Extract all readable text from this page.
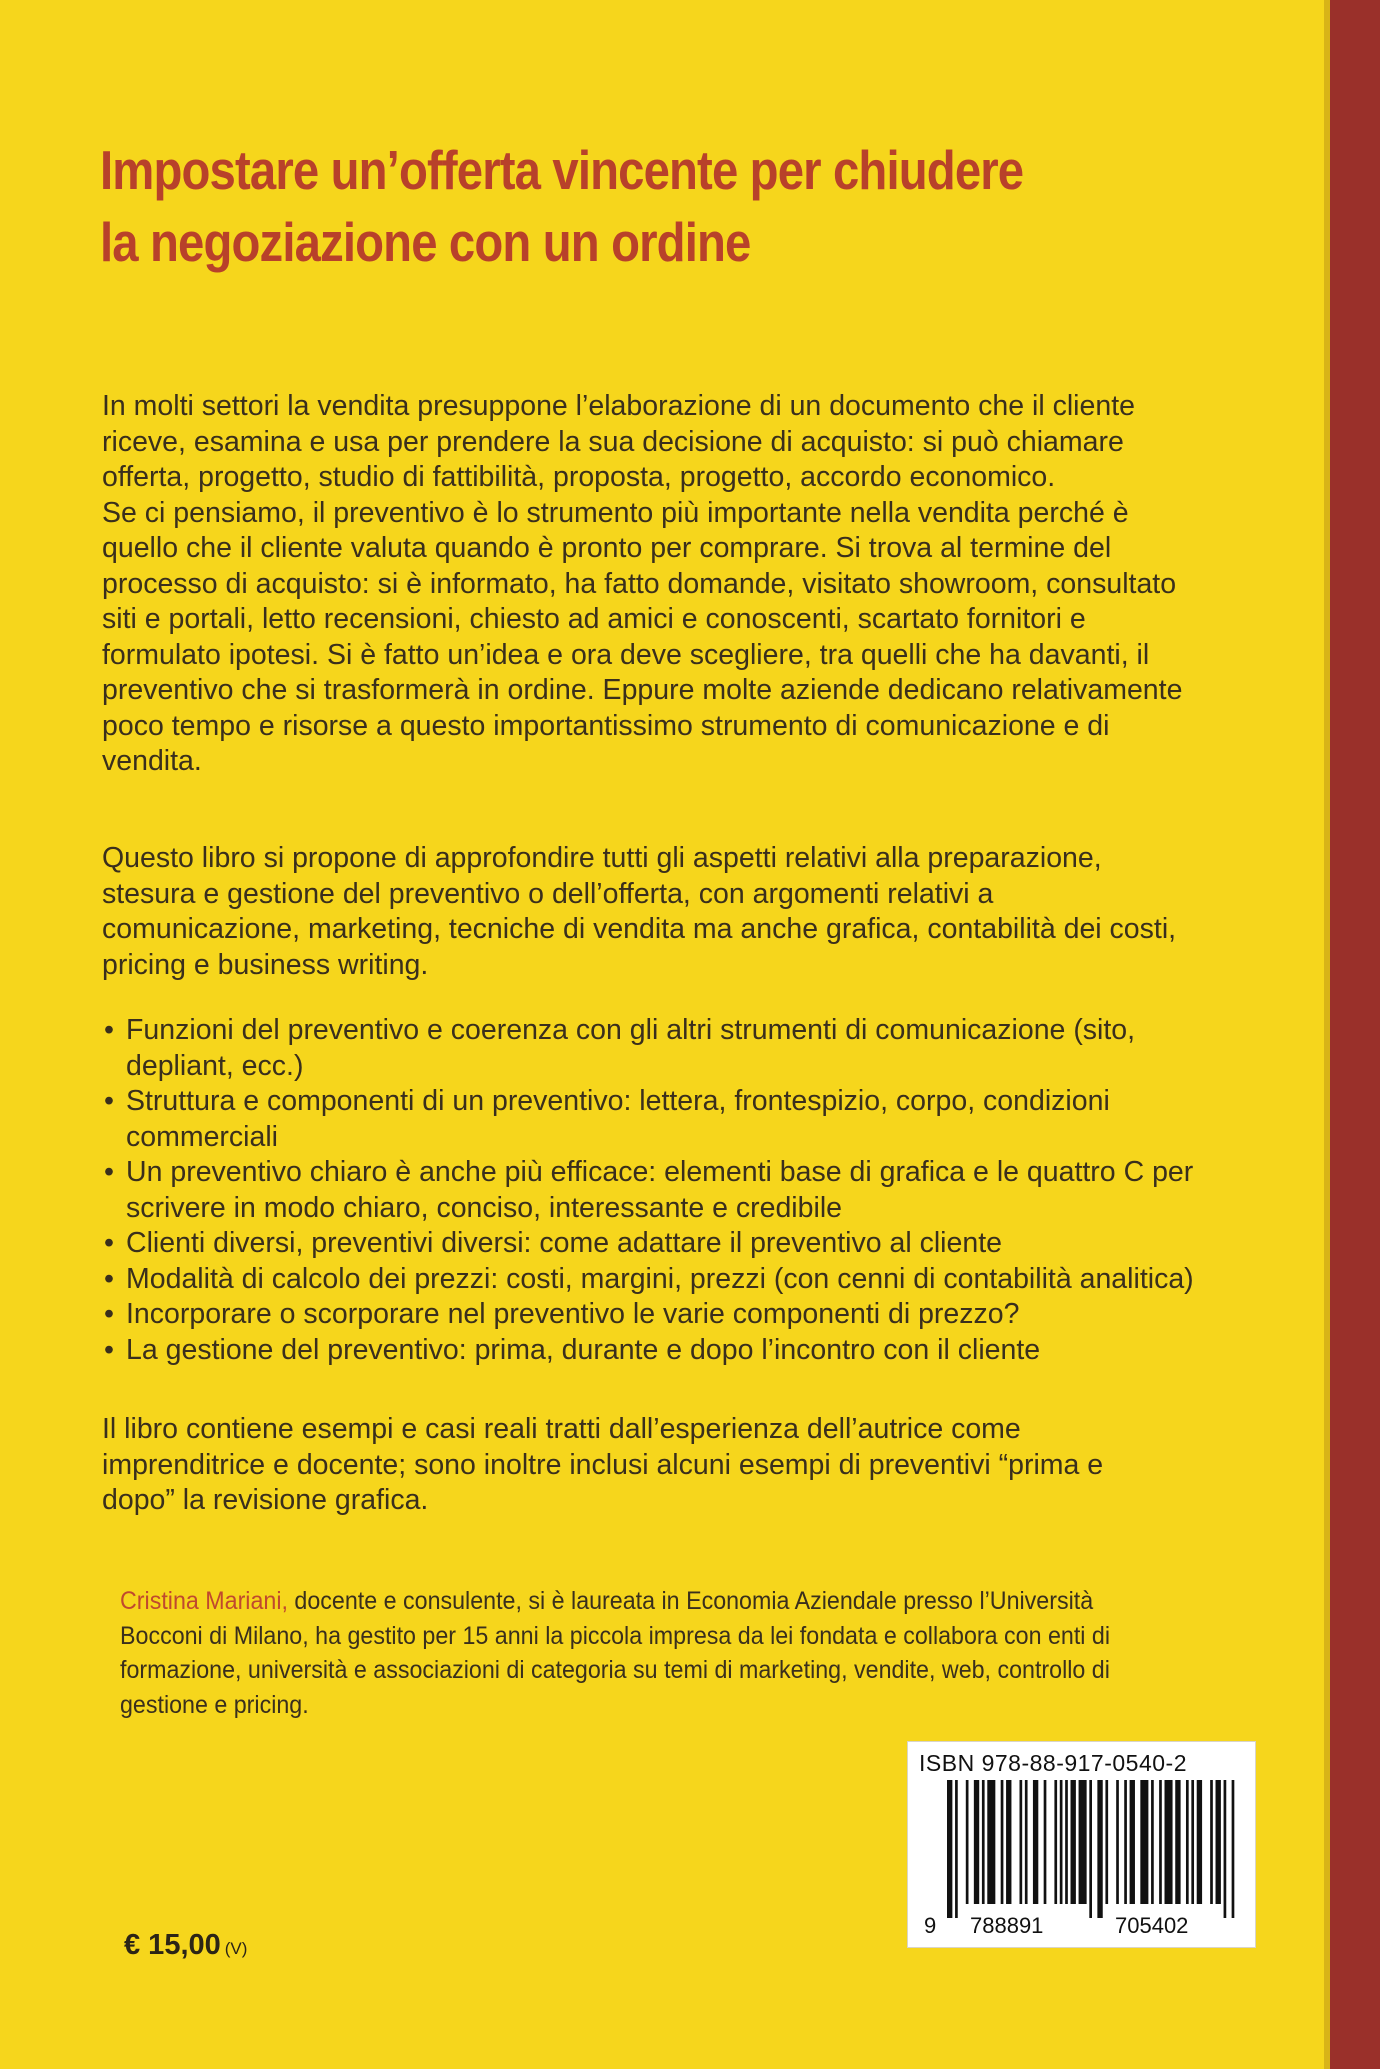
Impostare un’offerta vincente per chiudere
la negoziazione con un ordine

In molti settori la vendita presuppone l’elaborazione di un documento che il cliente
riceve, esamina e usa per prendere la sua decisione di acquisto: si può chiamare
offerta, progetto, studio di fattibilità, proposta, progetto, accordo economico.
Se ci pensiamo, il preventivo è lo strumento più importante nella vendita perché è
quello che il cliente valuta quando è pronto per comprare. Si trova al termine del
processo di acquisto: si è informato, ha fatto domande, visitato showroom, consultato
siti e portali, letto recensioni, chiesto ad amici e conoscenti, scartato fornitori e
formulato ipotesi. Si è fatto un’idea e ora deve scegliere, tra quelli che ha davanti, il
preventivo che si trasformerà in ordine. Eppure molte aziende dedicano relativamente
poco tempo e risorse a questo importantissimo strumento di comunicazione e di
vendita.

Questo libro si propone di approfondire tutti gli aspetti relativi alla preparazione,
stesura e gestione del preventivo o dell’offerta, con argomenti relativi a
comunicazione, marketing, tecniche di vendita ma anche grafica, contabilità dei costi,
pricing e business writing.

• Funzioni del preventivo e coerenza con gli altri strumenti di comunicazione (sito,
depliant, ecc.)
• Struttura e componenti di un preventivo: lettera, frontespizio, corpo, condizioni
commerciali
• Un preventivo chiaro è anche più efficace: elementi base di grafica e le quattro C per
scrivere in modo chiaro, conciso, interessante e credibile
• Clienti diversi, preventivi diversi: come adattare il preventivo al cliente
• Modalità di calcolo dei prezzi: costi, margini, prezzi (con cenni di contabilità analitica)
• Incorporare o scorporare nel preventivo le varie componenti di prezzo?
• La gestione del preventivo: prima, durante e dopo l’incontro con il cliente

Il libro contiene esempi e casi reali tratti dall’esperienza dell’autrice come
imprenditrice e docente; sono inoltre inclusi alcuni esempi di preventivi “prima e
dopo” la revisione grafica.

Cristina Mariani, docente e consulente, si è laureata in Economia Aziendale presso l’Università
Bocconi di Milano, ha gestito per 15 anni la piccola impresa da lei fondata e collabora con enti di
formazione, università e associazioni di categoria su temi di marketing, vendite, web, controllo di
gestione e pricing.

ISBN 978-88-917-0540-2
9 788891	705402
€ 15,00 (V)
